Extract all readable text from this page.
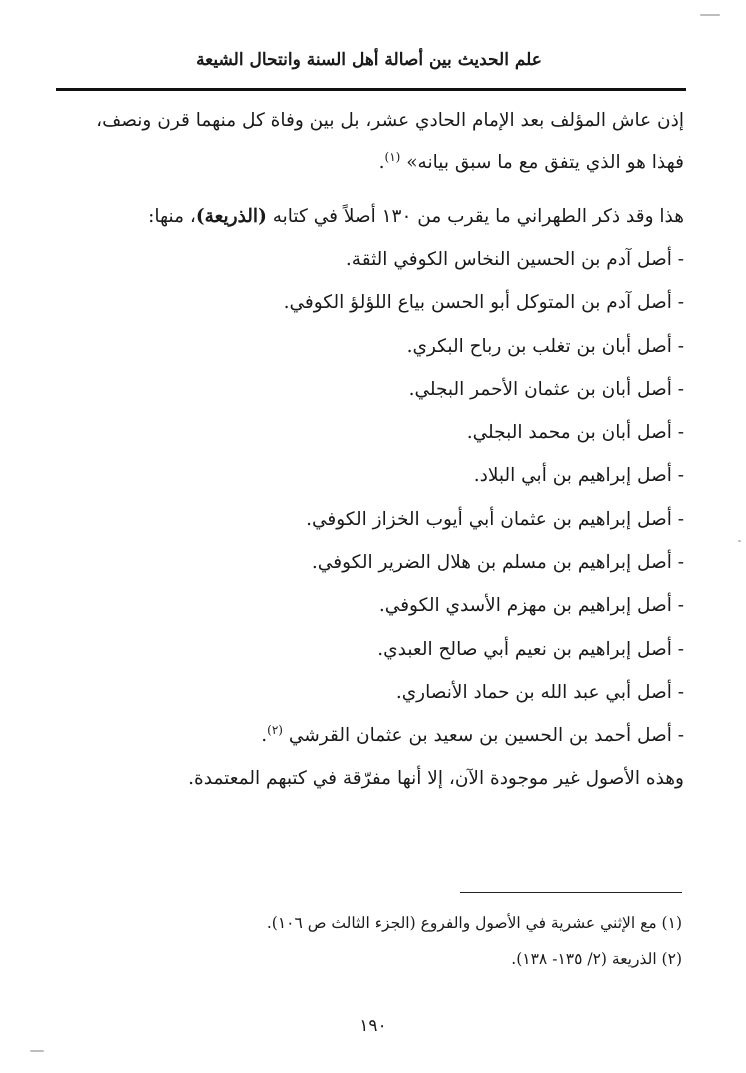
علم الحديث بين أصالة أهل السنة وانتحال الشيعة

إذن عاش المؤلف بعد الإمام الحادي عشر، بل بين وفاة كل منهما قرن ونصف،

فهذا هو الذي يتفق مع ما سبق بيانه» $^{(١)}$.

هذا وقد ذكر الطهراني ما يقرب من ١٣٠ أصلاً في كتابه (الذريعة)، منها:

- أصل آدم بن الحسين النخاس الكوفي الثقة.
- أصل آدم بن المتوكل أبو الحسن بياع اللؤلؤ الكوفي.
- أصل أبان بن تغلب بن رباح البكري.
- أصل أبان بن عثمان الأحمر البجلي.
- أصل أبان بن محمد البجلي.
- أصل إبراهيم بن أبي البلاد.
- أصل إبراهيم بن عثمان أبي أيوب الخزاز الكوفي.
- أصل إبراهيم بن مسلم بن هلال الضرير الكوفي.
- أصل إبراهيم بن مهزم الأسدي الكوفي.
- أصل إبراهيم بن نعيم أبي صالح العبدي.
- أصل أبي عبد الله بن حماد الأنصاري.
- أصل أحمد بن الحسين بن سعيد بن عثمان القرشي $^{(٢)}$.

وهذه الأصول غير موجودة الآن، إلا أنها مفرّقة في كتبهم المعتمدة.

(١) مع الإثني عشرية في الأصول والفروع (الجزء الثالث ص ١٠٦).

(٢) الذريعة (٢/ ١٣٥- ١٣٨).

١٩٠
